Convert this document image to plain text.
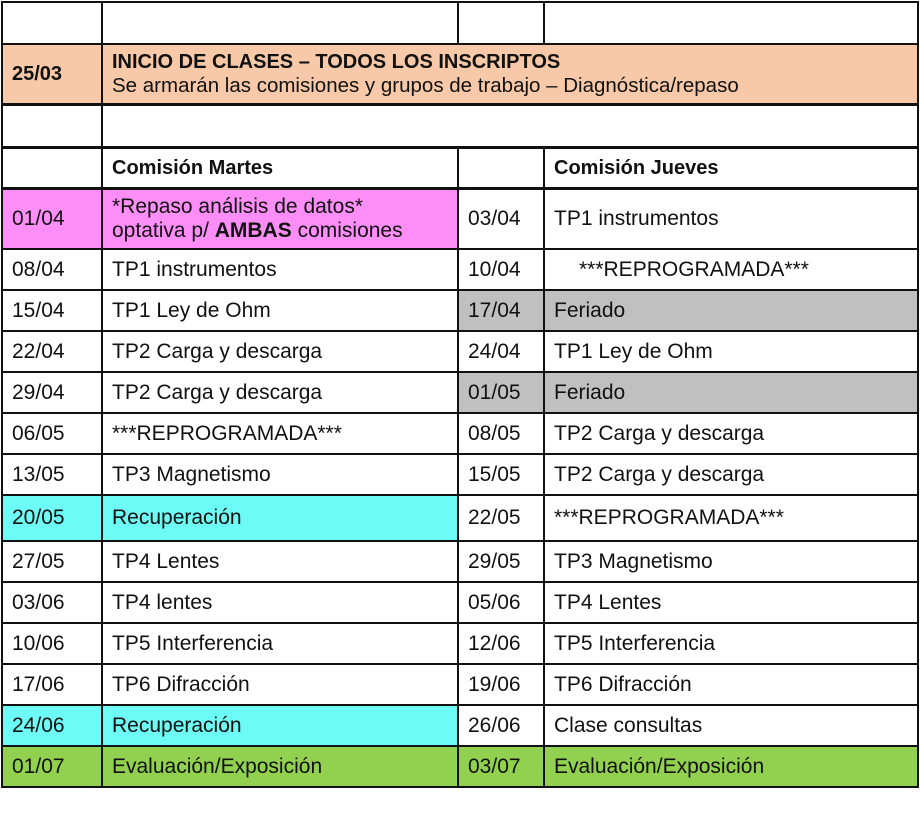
25/03	INICIO DE CLASES – TODOS LOS INSCRIPTOS
Se armarán las comisiones y grupos de trabajo – Diagnóstica/repaso		

	Comisión Martes		Comisión Jueves
01/04	*Repaso análisis de datos*
optativa p/ AMBAS comisiones	03/04	TP1 instrumentos
08/04	TP1 instrumentos	10/04	***REPROGRAMADA***
15/04	TP1 Ley de Ohm	17/04	Feriado
22/04	TP2 Carga y descarga	24/04	TP1 Ley de Ohm
29/04	TP2 Carga y descarga	01/05	Feriado
06/05	***REPROGRAMADA***	08/05	TP2 Carga y descarga
13/05	TP3 Magnetismo	15/05	TP2 Carga y descarga
20/05	Recuperación	22/05	***REPROGRAMADA***
27/05	TP4 Lentes	29/05	TP3 Magnetismo
03/06	TP4 lentes	05/06	TP4 Lentes
10/06	TP5 Interferencia	12/06	TP5 Interferencia
17/06	TP6 Difracción	19/06	TP6 Difracción
24/06	Recuperación	26/06	Clase consultas
01/07	Evaluación/Exposición	03/07	Evaluación/Exposición
